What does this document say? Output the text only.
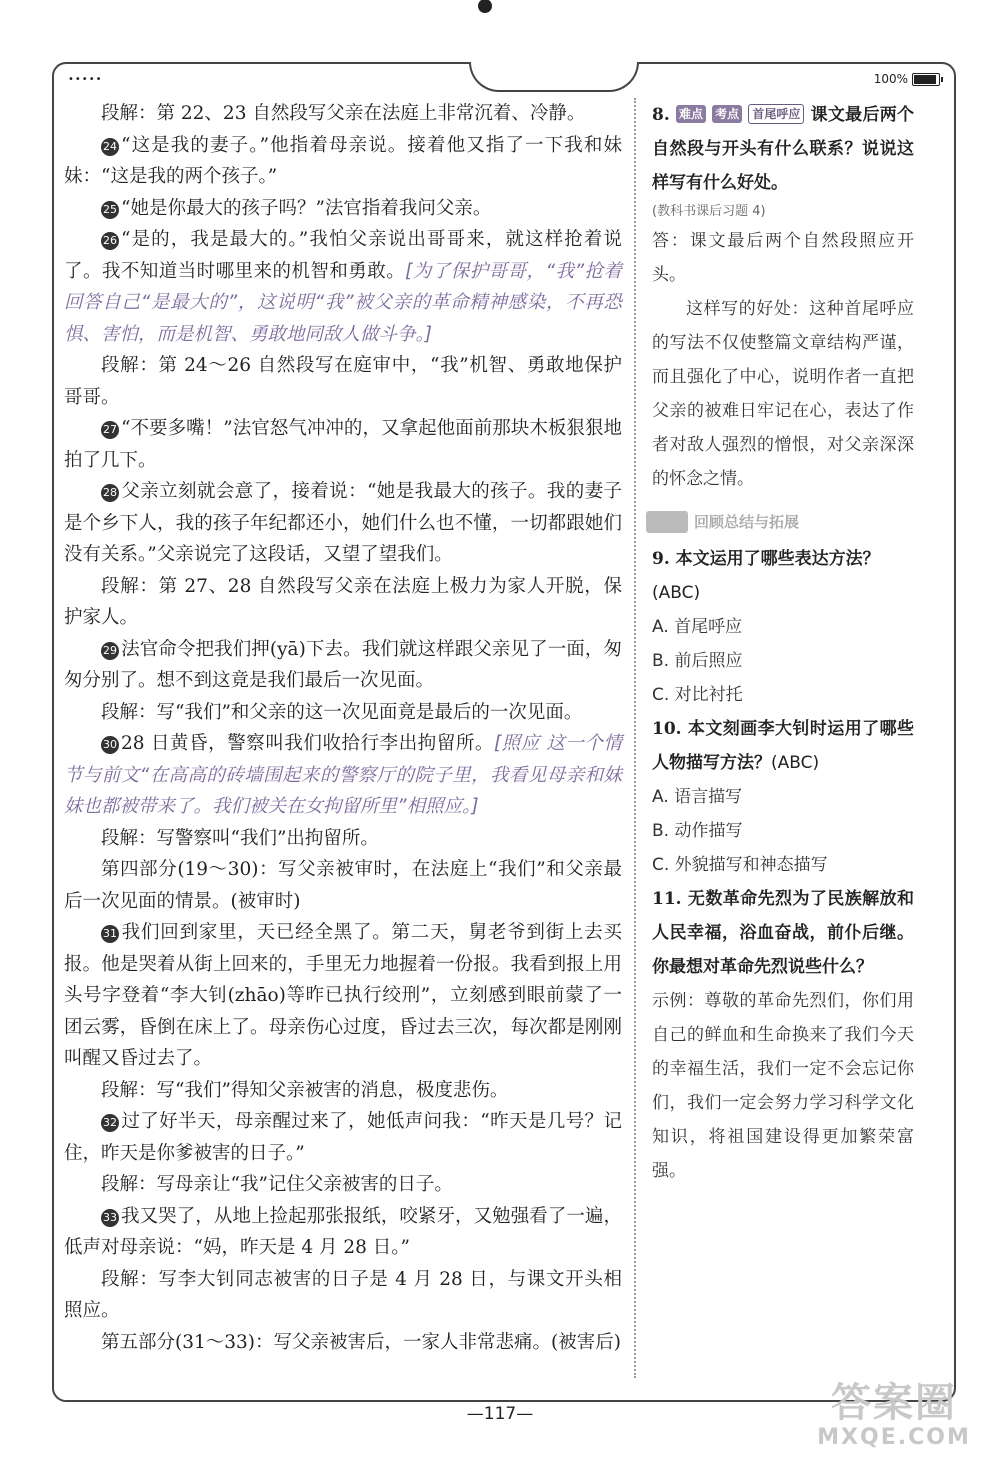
•••••	100%

段解：第 22、23 自然段写父亲在法庭上非常沉着、冷静。

24 “这是我的妻子。”他指着母亲说。接着他又指了一下我和妹妹：“这是我的两个孩子。”

25 “她是你最大的孩子吗？”法官指着我问父亲。

26 “是的，我是最大的。”我怕父亲说出哥哥来，就这样抢着说了。我不知道当时哪里来的机智和勇敢。[为了保护哥哥，“我”抢着回答自己“是最大的”，这说明“我”被父亲的革命精神感染，不再恐惧、害怕，而是机智、勇敢地同敌人做斗争。]

段解：第 24～26 自然段写在庭审中，“我”机智、勇敢地保护哥哥。

27 “不要多嘴！”法官怒气冲冲的，又拿起他面前那块木板狠狠地拍了几下。

28 父亲立刻就会意了，接着说：“她是我最大的孩子。我的妻子是个乡下人，我的孩子年纪都还小，她们什么也不懂，一切都跟她们没有关系。”父亲说完了这段话，又望了望我们。

段解：第 27、28 自然段写父亲在法庭上极力为家人开脱，保护家人。

29 法官命令把我们押(yā)下去。我们就这样跟父亲见了一面，匆匆分别了。想不到这竟是我们最后一次见面。

段解：写“我们”和父亲的这一次见面竟是最后的一次见面。

30 28 日黄昏，警察叫我们收拾行李出拘留所。[照应 这一个情节与前文“在高高的砖墙围起来的警察厅的院子里，我看见母亲和妹妹也都被带来了。我们被关在女拘留所里”相照应。]

段解：写警察叫“我们”出拘留所。

第四部分(19～30)：写父亲被审时，在法庭上“我们”和父亲最后一次见面的情景。(被审时)

31 我们回到家里，天已经全黑了。第二天，舅老爷到街上去买报。他是哭着从街上回来的，手里无力地握着一份报。我看到报上用头号字登着“李大钊(zhāo)等昨已执行绞刑”，立刻感到眼前蒙了一团云雾，昏倒在床上了。母亲伤心过度，昏过去三次，每次都是刚刚叫醒又昏过去了。

段解：写“我们”得知父亲被害的消息，极度悲伤。

32 过了好半天，母亲醒过来了，她低声问我：“昨天是几号？记住，昨天是你爹被害的日子。”

段解：写母亲让“我”记住父亲被害的日子。

33 我又哭了，从地上捡起那张报纸，咬紧牙，又勉强看了一遍，低声对母亲说：“妈，昨天是 4 月 28 日。”

段解：写李大钊同志被害的日子是 4 月 28 日，与课文开头相照应。

第五部分(31～33)：写父亲被害后，一家人非常悲痛。(被害后)

8. 难点 考点 首尾呼应 课文最后两个自然段与开头有什么联系？说说这样写有什么好处。

(教科书课后习题 4)

答：课文最后两个自然段照应开头。

这样写的好处：这种首尾呼应的写法不仅使整篇文章结构严谨，而且强化了中心，说明作者一直把父亲的被难日牢记在心，表达了作者对敌人强烈的憎恨，对父亲深深的怀念之情。

回顾总结与拓展

9. 本文运用了哪些表达方法？

(ABC)

A. 首尾呼应

B. 前后照应

C. 对比衬托

10. 本文刻画李大钊时运用了哪些人物描写方法？(ABC)

A. 语言描写

B. 动作描写

C. 外貌描写和神态描写

11. 无数革命先烈为了民族解放和人民幸福，浴血奋战，前仆后继。你最想对革命先烈说些什么？

示例：尊敬的革命先烈们，你们用自己的鲜血和生命换来了我们今天的幸福生活，我们一定不会忘记你们，我们一定会努力学习科学文化知识，将祖国建设得更加繁荣富强。

—117—	答案圈
MXQE.COM
